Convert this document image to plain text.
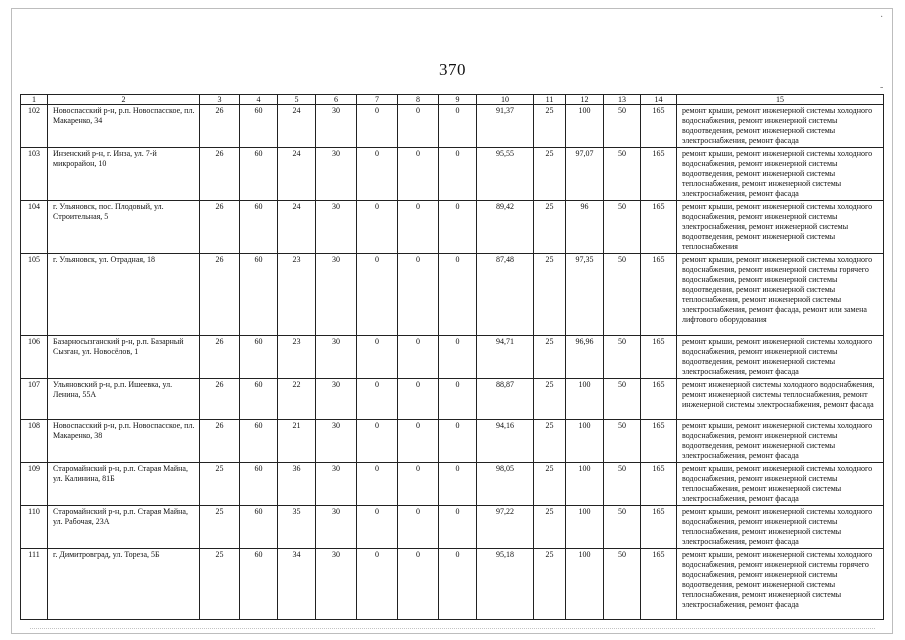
·
-
370
1	2	3	4	5	6	7	8	9	10	11	12	13	14	15
102	Новоспасский р-н, р.п. Новоспасское, пл. Макаренко, 34	26	60	24	30	0	0	0	91,37	25	100	50	165	ремонт крыши, ремонт инженерной системы холодного водоснабжения, ремонт инженерной системы водоотведения, ремонт инженерной системы электроснабжения, ремонт фасада
103	Инзенский р-н, г. Инза, ул. 7-й микрорайон, 10	26	60	24	30	0	0	0	95,55	25	97,07	50	165	ремонт крыши, ремонт инженерной системы холодного водоснабжения, ремонт инженерной системы водоотведения, ремонт инженерной системы теплоснабжения, ремонт инженерной системы электроснабжения, ремонт фасада
104	г. Ульяновск, пос. Плодовый, ул. Строительная, 5	26	60	24	30	0	0	0	89,42	25	96	50	165	ремонт крыши, ремонт инженерной системы холодного водоснабжения, ремонт инженерной системы электроснабжения, ремонт инженерной системы водоотведения, ремонт инженерной системы теплоснабжения
105	г. Ульяновск, ул. Отрадная, 18	26	60	23	30	0	0	0	87,48	25	97,35	50	165	ремонт крыши, ремонт инженерной системы холодного водоснабжения, ремонт инженерной системы горячего водоснабжения, ремонт инженерной системы водоотведения, ремонт инженерной системы теплоснабжения, ремонт инженерной системы электроснабжения, ремонт фасада, ремонт или замена лифтового оборудования
106	Базарносызганский р-н, р.п. Базарный Сызган, ул. Новосёлов, 1	26	60	23	30	0	0	0	94,71	25	96,96	50	165	ремонт крыши, ремонт инженерной системы холодного водоснабжения, ремонт инженерной системы водоотведения, ремонт инженерной системы электроснабжения, ремонт фасада
107	Ульяновский р-н, р.п. Ишеевка, ул. Ленина, 55А	26	60	22	30	0	0	0	88,87	25	100	50	165	ремонт инженерной системы холодного водоснабжения, ремонт инженерной системы теплоснабжения, ремонт инженерной системы электроснабжения, ремонт фасада
108	Новоспасский р-н, р.п. Новоспасское, пл. Макаренко, 38	26	60	21	30	0	0	0	94,16	25	100	50	165	ремонт крыши, ремонт инженерной системы холодного водоснабжения, ремонт инженерной системы водоотведения, ремонт инженерной системы электроснабжения, ремонт фасада
109	Старомайнский р-н, р.п. Старая Майна, ул. Калинина, 81Б	25	60	36	30	0	0	0	98,05	25	100	50	165	ремонт крыши, ремонт инженерной системы холодного водоснабжения, ремонт инженерной системы теплоснабжения, ремонт инженерной системы электроснабжения, ремонт фасада
110	Старомайнский р-н, р.п. Старая Майна, ул. Рабочая, 23А	25	60	35	30	0	0	0	97,22	25	100	50	165	ремонт крыши, ремонт инженерной системы холодного водоснабжения, ремонт инженерной системы теплоснабжения, ремонт инженерной системы электроснабжения, ремонт фасада
111	г. Димитровград, ул. Тореза, 5Б	25	60	34	30	0	0	0	95,18	25	100	50	165	ремонт крыши, ремонт инженерной системы холодного водоснабжения, ремонт инженерной системы горячего водоснабжения, ремонт инженерной системы водоотведения, ремонт инженерной системы теплоснабжения, ремонт инженерной системы электроснабжения, ремонт фасада
